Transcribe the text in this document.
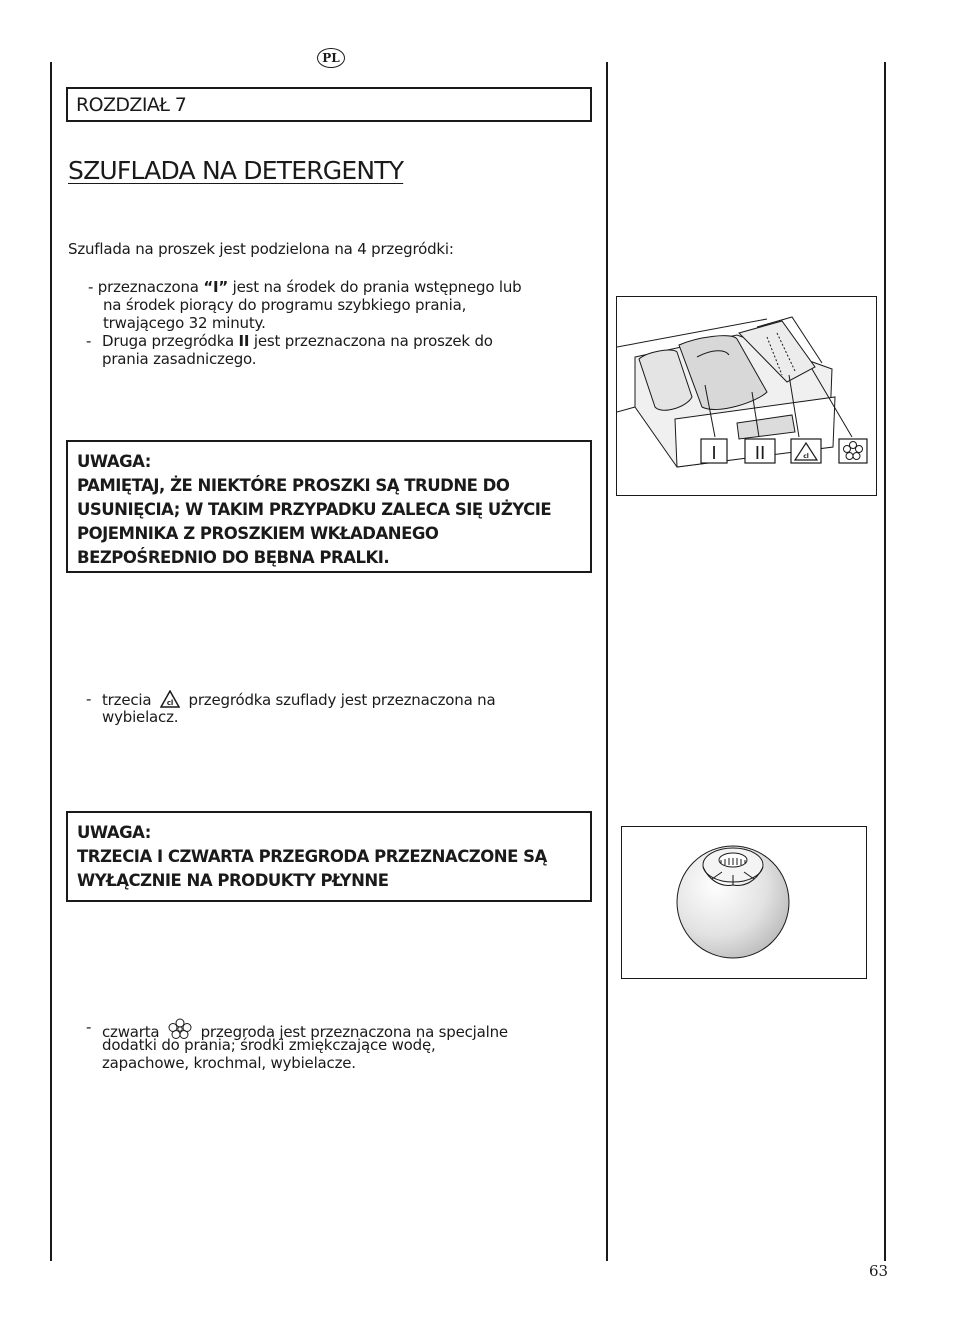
PL
ROZDZIAŁ 7
SZUFLADA NA DETERGENTY
Szuflada na proszek jest podzielona na 4 przegródki:
- przeznaczona “I” jest na środek do prania wstępnego lub
na środek piorący do programu szybkiego prania,
trwającego 32 minuty.
- Druga przegródka II jest przeznaczona na proszek do
prania zasadniczego.
UWAGA:
PAMIĘTAJ, ŻE NIEKTÓRE PROSZKI SĄ TRUDNE DO
USUNIĘCIA; W TAKIM PRZYPADKU ZALECA SIĘ UŻYCIE
POJEMNIKA Z PROSZKIEM WKŁADANEGO
BEZPOŚREDNIO DO BĘBNA PRALKI.
- trzecia cl przegródka szuflady jest przeznaczona na
wybielacz.
UWAGA:
TRZECIA I CZWARTA PRZEGRODA PRZEZNACZONE SĄ
WYŁĄCZNIE NA PRODUKTY PŁYNNE
- czwarta	przegroda jest przeznaczona na specjalne
dodatki do prania; środki zmiękczające wodę,
zapachowe, krochmal, wybielacze.
I II	cl
63
